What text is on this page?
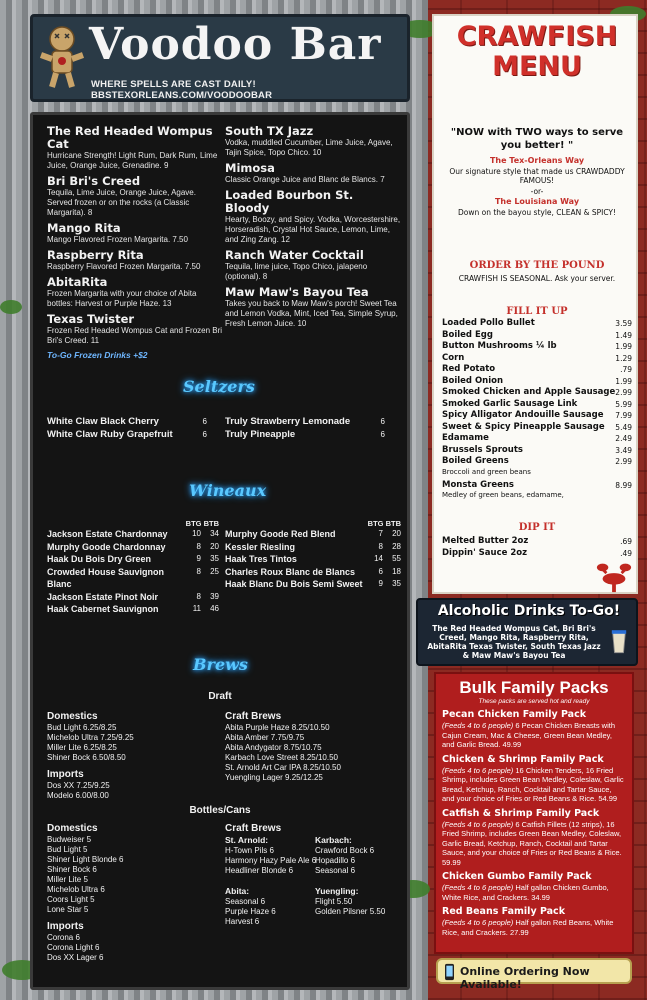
Voodoo Bar
WHERE SPELLS ARE CAST DAILY! BBSTEXORLEANS.COM/VOODOOBAR
The Red Headed Wompus Cat
Hurricane Strength! Light Rum, Dark Rum, Lime Juice, Orange Juice, Grenadine. 9
Bri Bri's Creed
Tequila, Lime Juice, Orange Juice, Agave. Served frozen or on the rocks (a Classic Margarita). 8
Mango Rita
Mango Flavored Frozen Margarita. 7.50
Raspberry Rita
Raspberry Flavored Frozen Margarita. 7.50
AbitaRita
Frozen Margarita with your choice of Abita bottles: Harvest or Purple Haze. 13
Texas Twister
Frozen Red Headed Wompus Cat and Frozen Bri Bri's Creed. 11
To-Go Frozen Drinks +$2
South TX Jazz
Vodka, muddled Cucumber, Lime Juice, Agave, Tajin Spice, Topo Chico. 10
Mimosa
Classic Orange Juice and Blanc de Blancs. 7
Loaded Bourbon St. Bloody
Hearty, Boozy, and Spicy. Vodka, Worcestershire, Horseradish, Crystal Hot Sauce, Lemon, Lime, and Zing Zang. 12
Ranch Water Cocktail
Tequila, lime juice, Topo Chico, jalapeno (optional). 8
Maw Maw's Bayou Tea
Takes you back to Maw Maw's porch! Sweet Tea and Lemon Vodka, Mint, Iced Tea, Simple Syrup, Fresh Lemon Juice. 10
Seltzers
White Claw Black Cherry	6
White Claw Ruby Grapefruit	6
Truly Strawberry Lemonade	6
Truly Pineapple	6
Wineaux
BTG BTB
Jackson Estate Chardonnay	10	34
Murphy Goode Chardonnay	8	20
Haak Du Bois Dry Green	9	35
Crowded House Sauvignon Blanc
8	25
Jackson Estate Pinot Noir	8	39
Haak Cabernet Sauvignon	11	46
BTG BTB
Murphy Goode Red Blend	7	20
Kessler Riesling	8	28
Haak Tres Tintos	14	55
Charles Roux Blanc de Blancs	6	18
Haak Blanc Du Bois Semi Sweet	9	35
Brews
Draft
Domestics
Bud Light 6.25/8.25
Michelob Ultra 7.25/9.25
Miller Lite 6.25/8.25
Shiner Bock 6.50/8.50
Imports
Dos XX 7.25/9.25
Modelo 6.00/8.00
Craft Brews
Abita Purple Haze 8.25/10.50
Abita Amber 7.75/9.75
Abita Andygator 8.75/10.75
Karbach Love Street 8.25/10.50
St. Arnold Art Car IPA 8.25/10.50
Yuengling Lager 9.25/12.25
Bottles/Cans
Domestics
Budweiser 5
Bud Light 5
Shiner Light Blonde 6
Shiner Bock 6
Miller Lite 5
Michelob Ultra 6
Coors Light 5
Lone Star 5
Imports
Corona 6
Corona Light 6
Dos XX Lager 6
Craft Brews
St. Arnold:
H-Town Pils 6
Harmony Hazy Pale Ale 6
Headliner Blonde 6
Abita:
Seasonal 6
Purple Haze 6
Harvest 6
Karbach:
Crawford Bock 6
Hopadillo 6
Seasonal 6
Yuengling:
Flight 5.50
Golden Pilsner 5.50
CRAWFISH
MENU
"NOW with TWO ways to serve you better! "
The Tex-Orleans Way
Our signature style that made us CRAWDADDY FAMOUS!
-or-
The Louisiana Way
Down on the bayou style, CLEAN & SPICY!
ORDER BY THE POUND
CRAWFISH IS SEASONAL. Ask your server.
FILL IT UP
Loaded Pollo Bullet	3.59
Boiled Egg	1.49
Button Mushrooms ¼ lb	1.99
Corn	1.29
Red Potato	.79
Boiled Onion	1.99
Smoked Chicken and Apple Sausage 2.99
Smoked Garlic Sausage Link	5.99
Spicy Alligator Andouille Sausage 7.99
Sweet & Spicy Pineapple Sausage 5.49
Edamame	2.49
Brussels Sprouts	3.49
Boiled Greens	2.99
Broccoli and green beans
Monsta Greens	8.99
Medley of green beans, edamame,
DIP IT
Melted Butter 2oz	.69
Dippin' Sauce 2oz	.49
Alcoholic Drinks To-Go!
The Red Headed Wompus Cat, Bri Bri's Creed, Mango Rita, Raspberry Rita, AbitaRita Texas Twister, South Texas Jazz & Maw Maw's Bayou Tea
Bulk Family Packs
These packs are served hot and ready
Pecan Chicken Family Pack
(Feeds 4 to 6 people) 6 Pecan Chicken Breasts with Cajun Cream, Mac & Cheese, Green Bean Medley, and Garlic Bread. 49.99
Chicken & Shrimp Family Pack
(Feeds 4 to 6 people) 16 Chicken Tenders, 16 Fried Shrimp, includes Green Bean Medley, Coleslaw, Garlic Bread, Ketchup, Ranch, Cocktail and Tartar Sauce, and your choice of Fries or Red Beans & Rice. 54.99
Catfish & Shrimp Family Pack
(Feeds 4 to 6 people) 6 Catfish Fillets (12 strips), 16 Fried Shrimp, includes Green Bean Medley, Coleslaw, Garlic Bread, Ketchup, Ranch, Cocktail and Tartar Sauce, and your choice of Fries or Red Beans & Rice. 59.99
Chicken Gumbo Family Pack
(Feeds 4 to 6 people) Half gallon Chicken Gumbo, White Rice, and Crackers. 34.99
Red Beans Family Pack
(Feeds 4 to 6 people) Half gallon Red Beans, White Rice, and Crackers. 27.99
Online Ordering Now Available!
